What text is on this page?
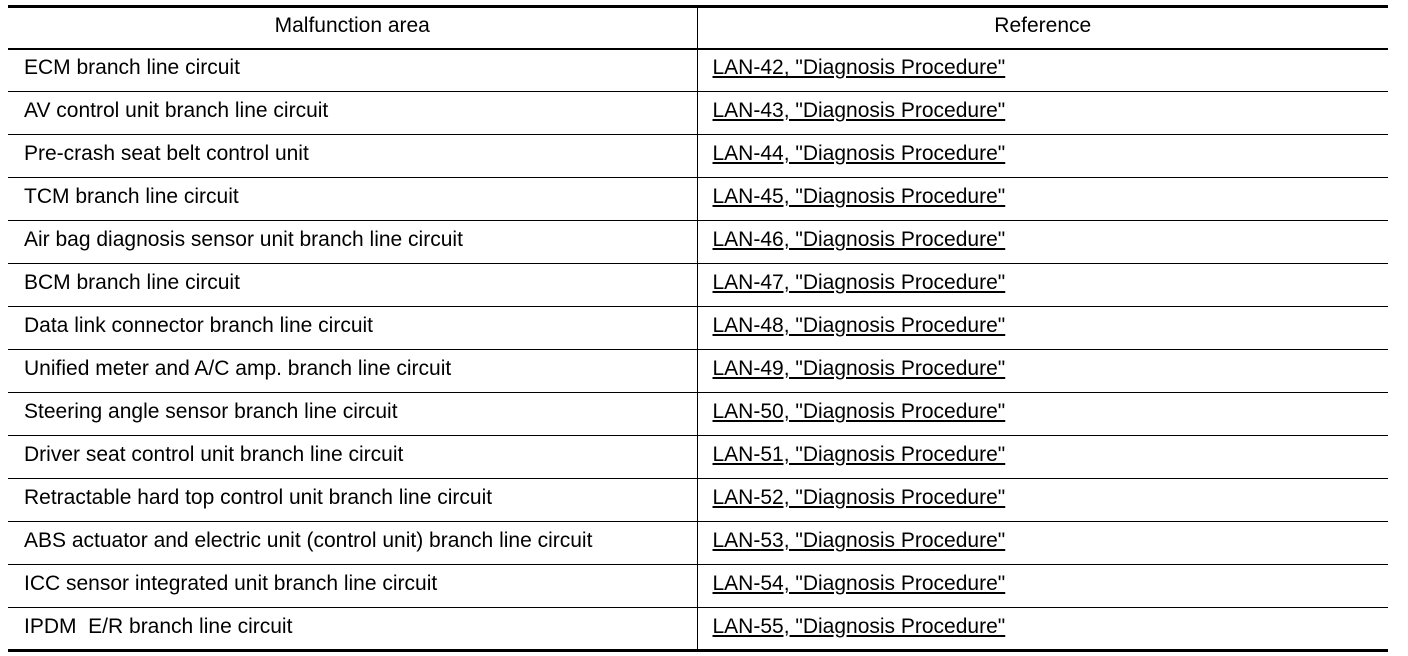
Malfunction area	Reference
ECM branch line circuit	LAN-42, "Diagnosis Procedure"
AV control unit branch line circuit	LAN-43, "Diagnosis Procedure"
Pre-crash seat belt control unit	LAN-44, "Diagnosis Procedure"
TCM branch line circuit	LAN-45, "Diagnosis Procedure"
Air bag diagnosis sensor unit branch line circuit	LAN-46, "Diagnosis Procedure"
BCM branch line circuit	LAN-47, "Diagnosis Procedure"
Data link connector branch line circuit	LAN-48, "Diagnosis Procedure"
Unified meter and A/C amp. branch line circuit	LAN-49, "Diagnosis Procedure"
Steering angle sensor branch line circuit	LAN-50, "Diagnosis Procedure"
Driver seat control unit branch line circuit	LAN-51, "Diagnosis Procedure"
Retractable hard top control unit branch line circuit	LAN-52, "Diagnosis Procedure"
ABS actuator and electric unit (control unit) branch line circuit	LAN-53, "Diagnosis Procedure"
ICC sensor integrated unit branch line circuit	LAN-54, "Diagnosis Procedure"
IPDM  E/R branch line circuit	LAN-55, "Diagnosis Procedure"
